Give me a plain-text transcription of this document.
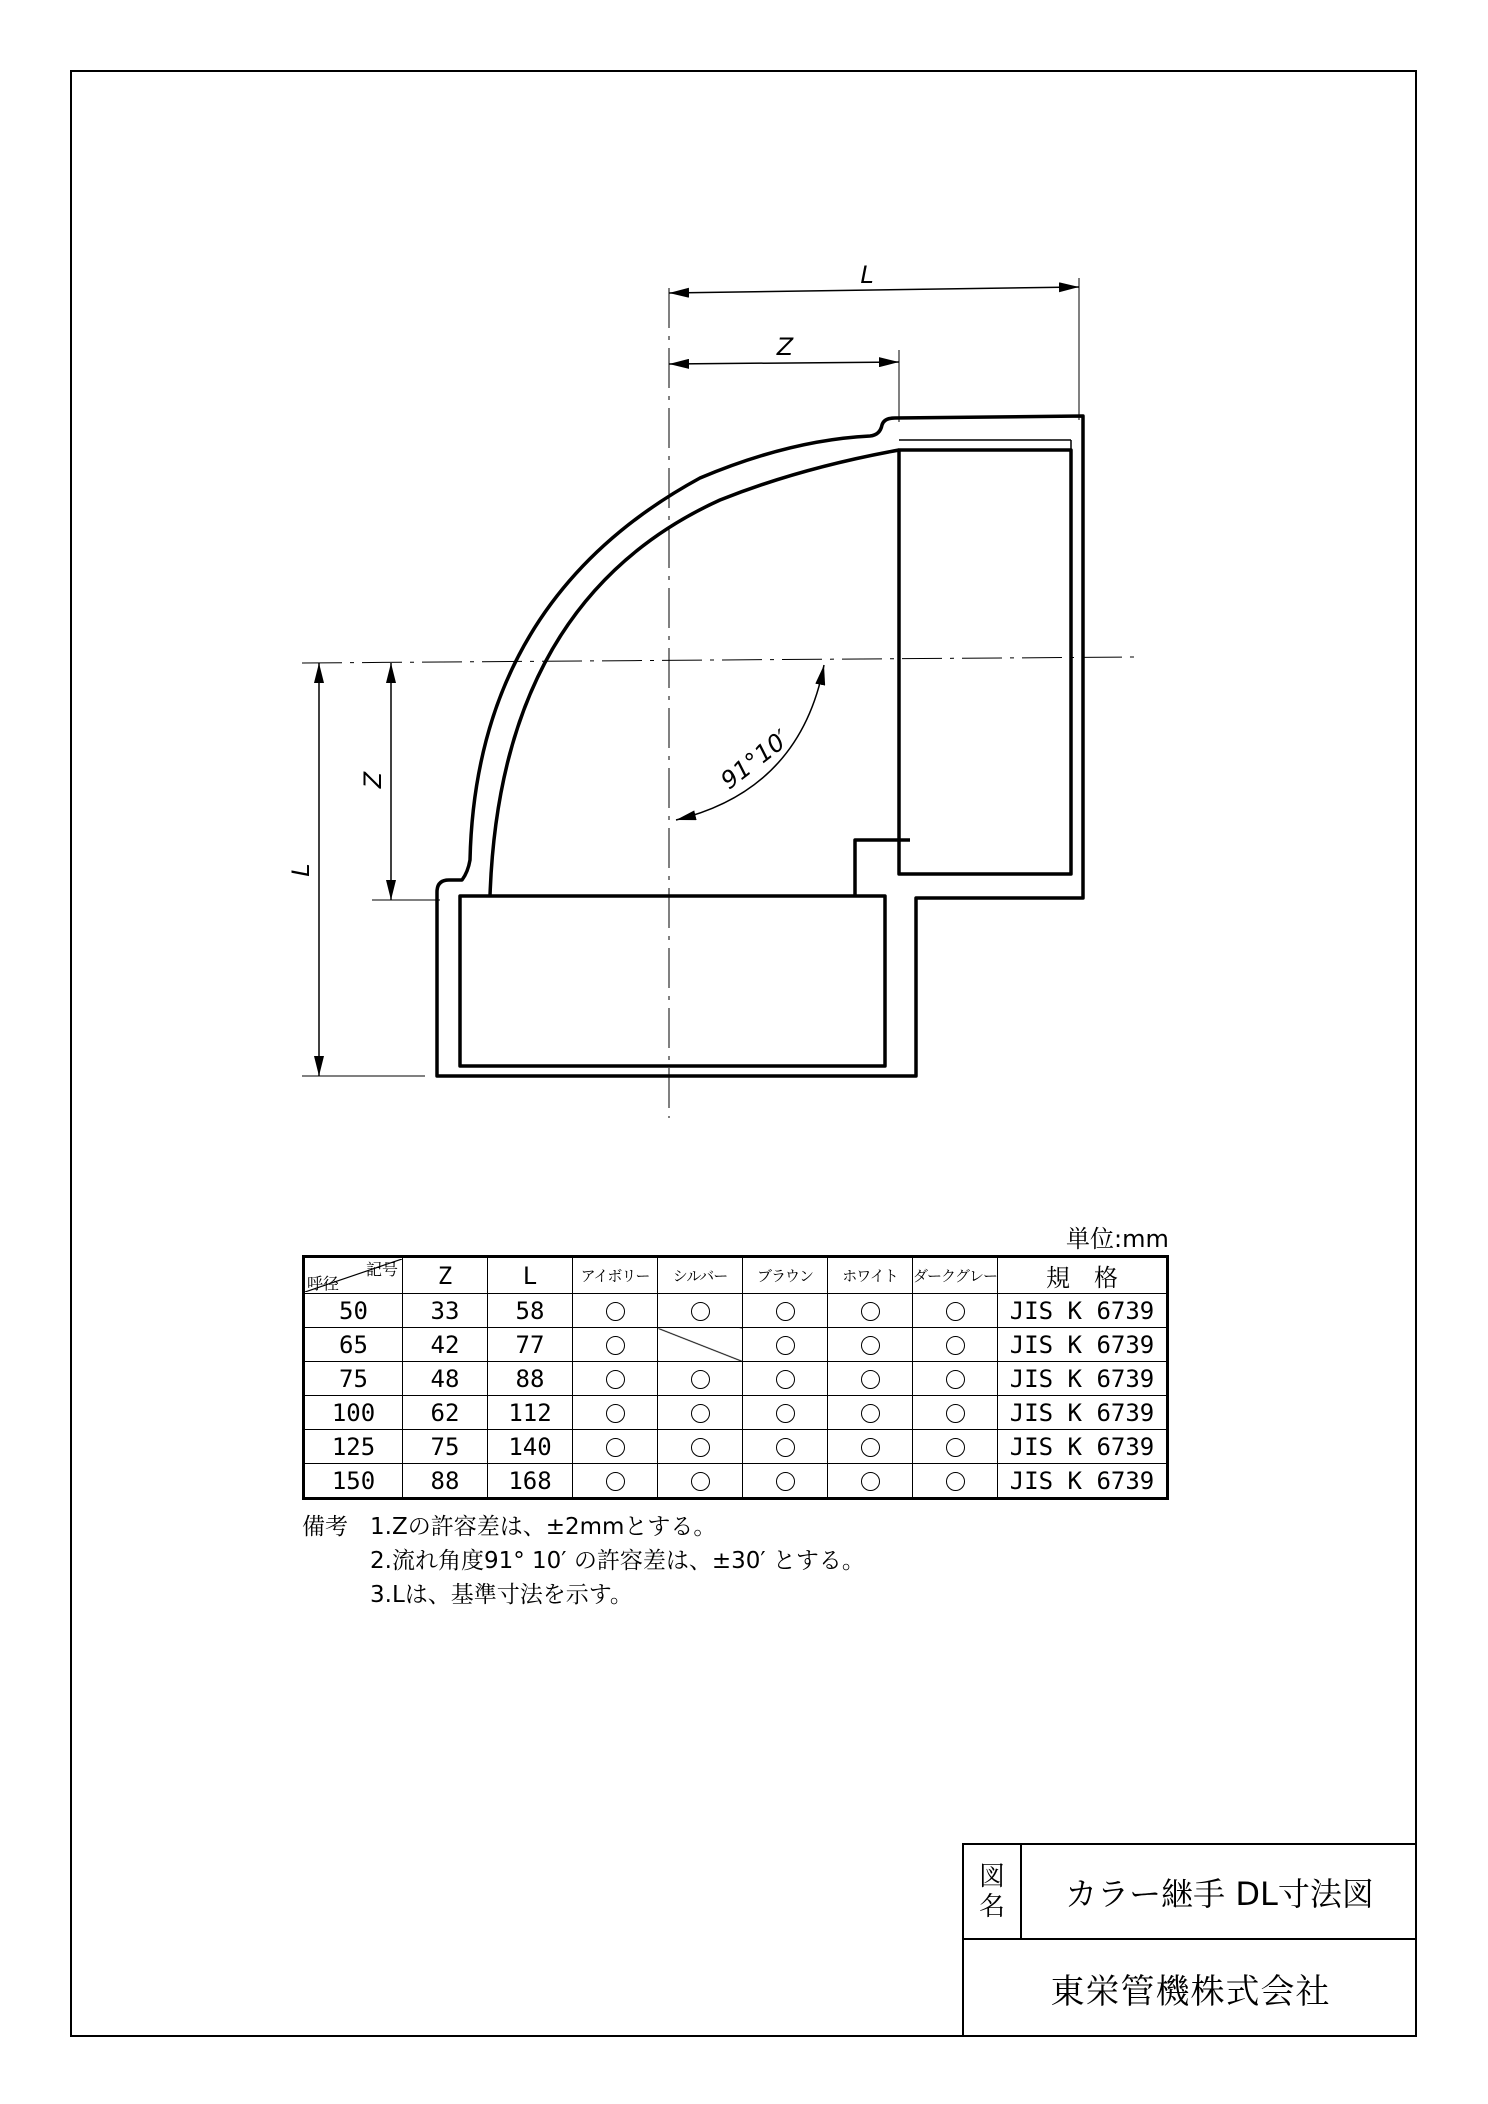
L
Z
L
Z	91°10′
単位:mm
記号
呼径	Z	L	アイボリー	シルバー	ブラウン	ホワイト	ダークグレー	規　格
50	33	58						JIS K 6739
65	42	77						JIS K 6739
75	48	88						JIS K 6739
100	62	112						JIS K 6739
125	75	140						JIS K 6739
150	88	168						JIS K 6739
備考 1.Zの許容差は、±2mmとする。
2.流れ角度91° 10′ の許容差は、±30′ とする。
3.Lは、基準寸法を示す。
図
名	カラー継手 DL寸法図
東栄管機株式会社
